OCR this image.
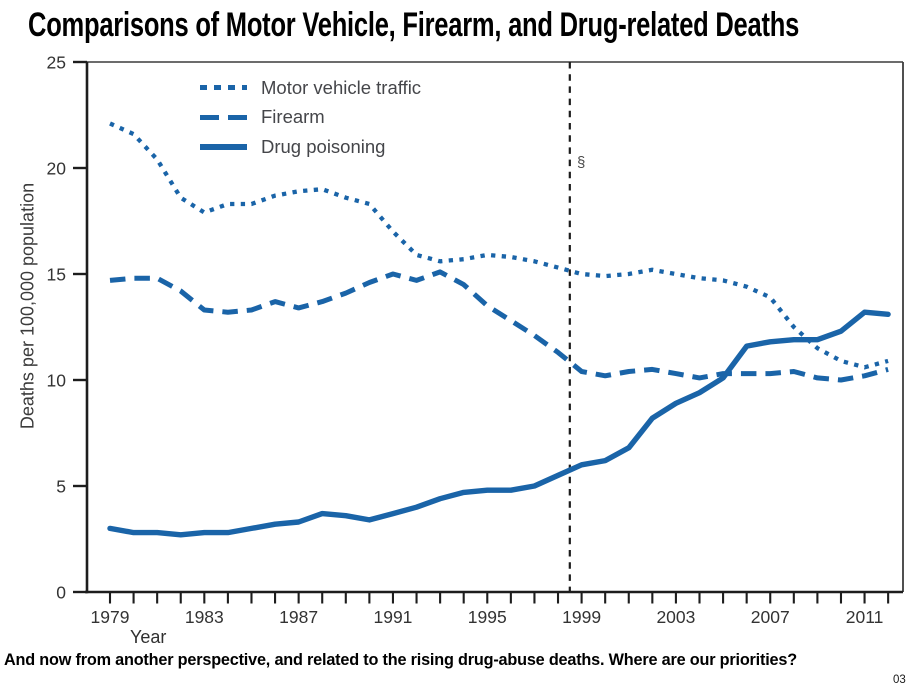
Comparisons of Motor Vehicle, Firearm, and Drug-related Deaths
0
5
10
15
20
25
1979	1983	1987	1991	1995	1999	2003	2007	2011
Deaths per 100,000 population
Year
Motor vehicle traffic
Firearm
Drug poisoning
§

And now from another perspective, and related to the rising drug-abuse deaths. Where are our priorities?

03
